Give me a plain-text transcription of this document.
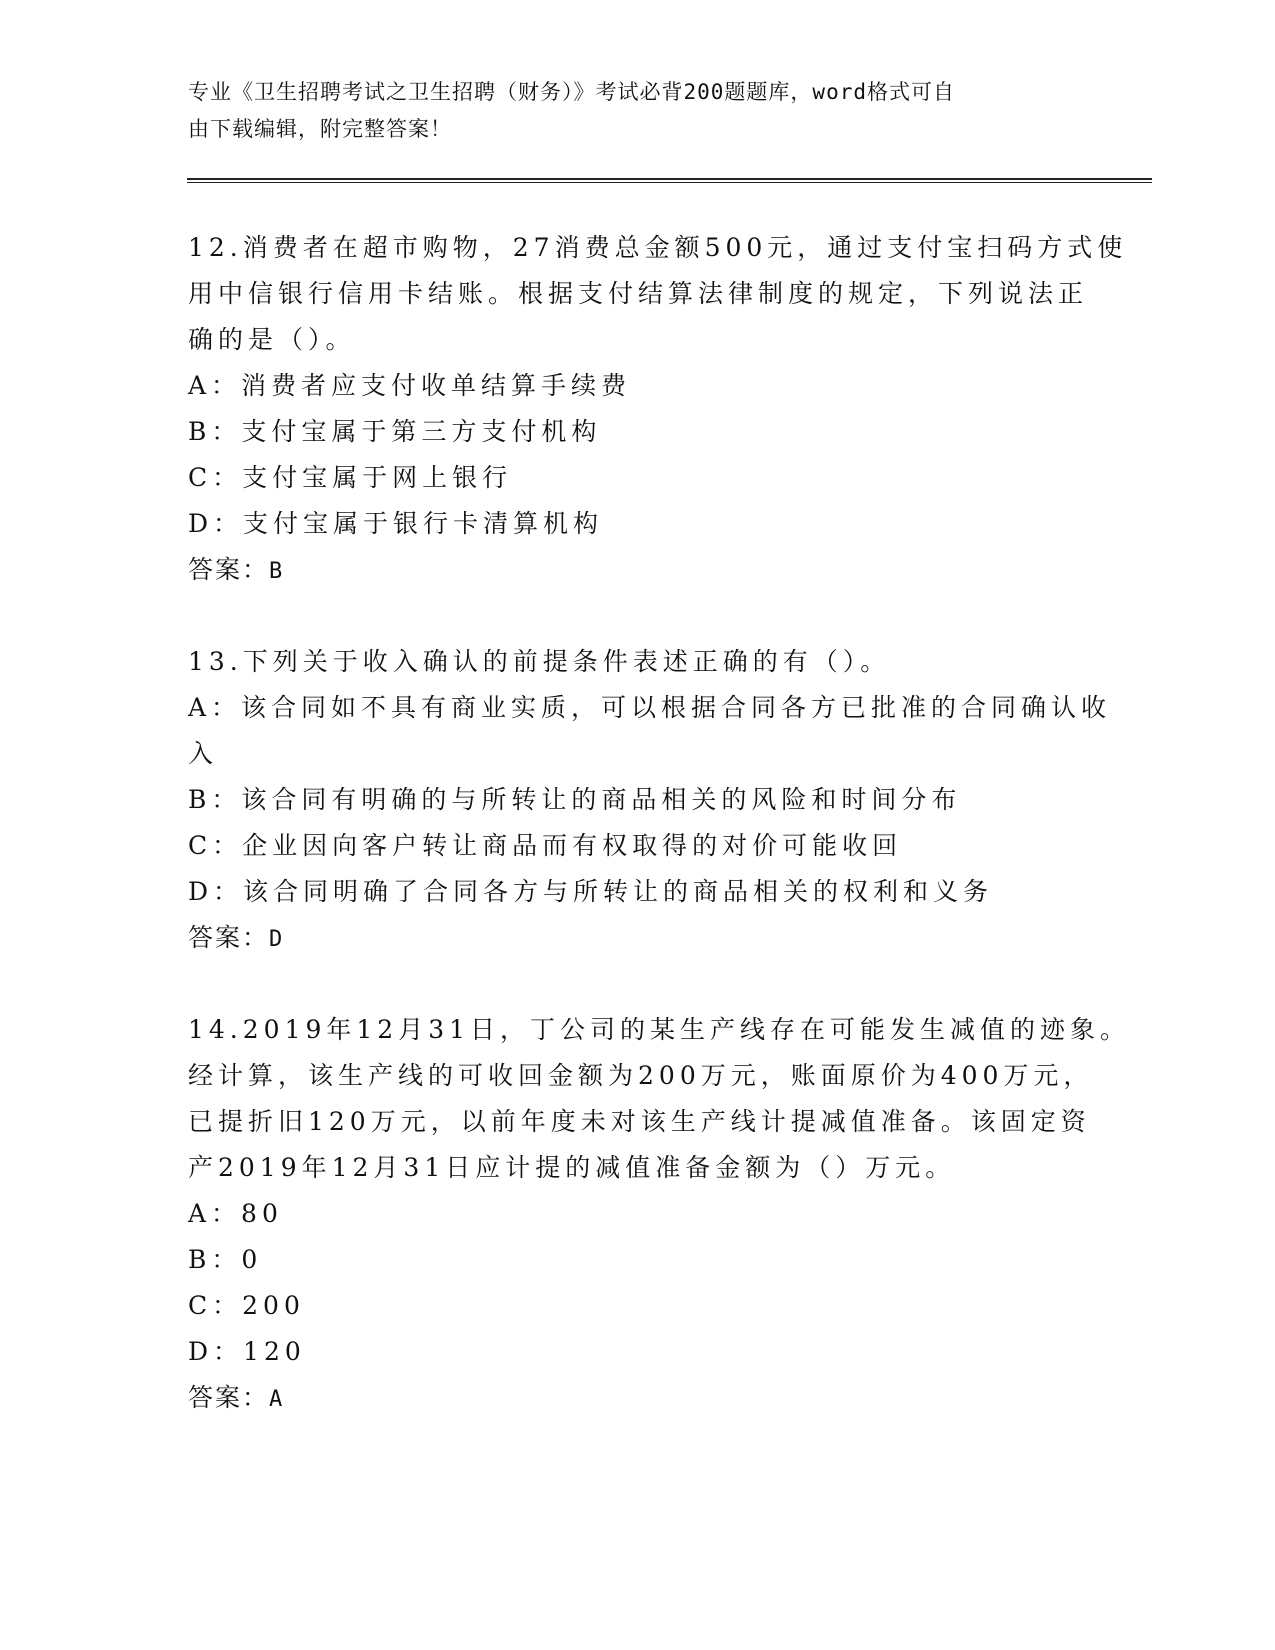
专业《卫生招聘考试之卫生招聘（财务）》考试必背200题题库，word格式可自
由下载编辑，附完整答案！
12.消费者在超市购物，27消费总金额500元，通过支付宝扫码方式使
用中信银行信用卡结账。根据支付结算法律制度的规定，下列说法正
确的是（）。
A：消费者应支付收单结算手续费
B：支付宝属于第三方支付机构
C：支付宝属于网上银行
D：支付宝属于银行卡清算机构
答案：B
13.下列关于收入确认的前提条件表述正确的有（）。
A：该合同如不具有商业实质，可以根据合同各方已批准的合同确认收
入
B：该合同有明确的与所转让的商品相关的风险和时间分布
C：企业因向客户转让商品而有权取得的对价可能收回
D：该合同明确了合同各方与所转让的商品相关的权利和义务
答案：D
14.2019年12月31日，丁公司的某生产线存在可能发生减值的迹象。
经计算，该生产线的可收回金额为200万元，账面原价为400万元，
已提折旧120万元，以前年度未对该生产线计提减值准备。该固定资
产2019年12月31日应计提的减值准备金额为（）万元。
A：80
B：0
C：200
D：120
答案：A
